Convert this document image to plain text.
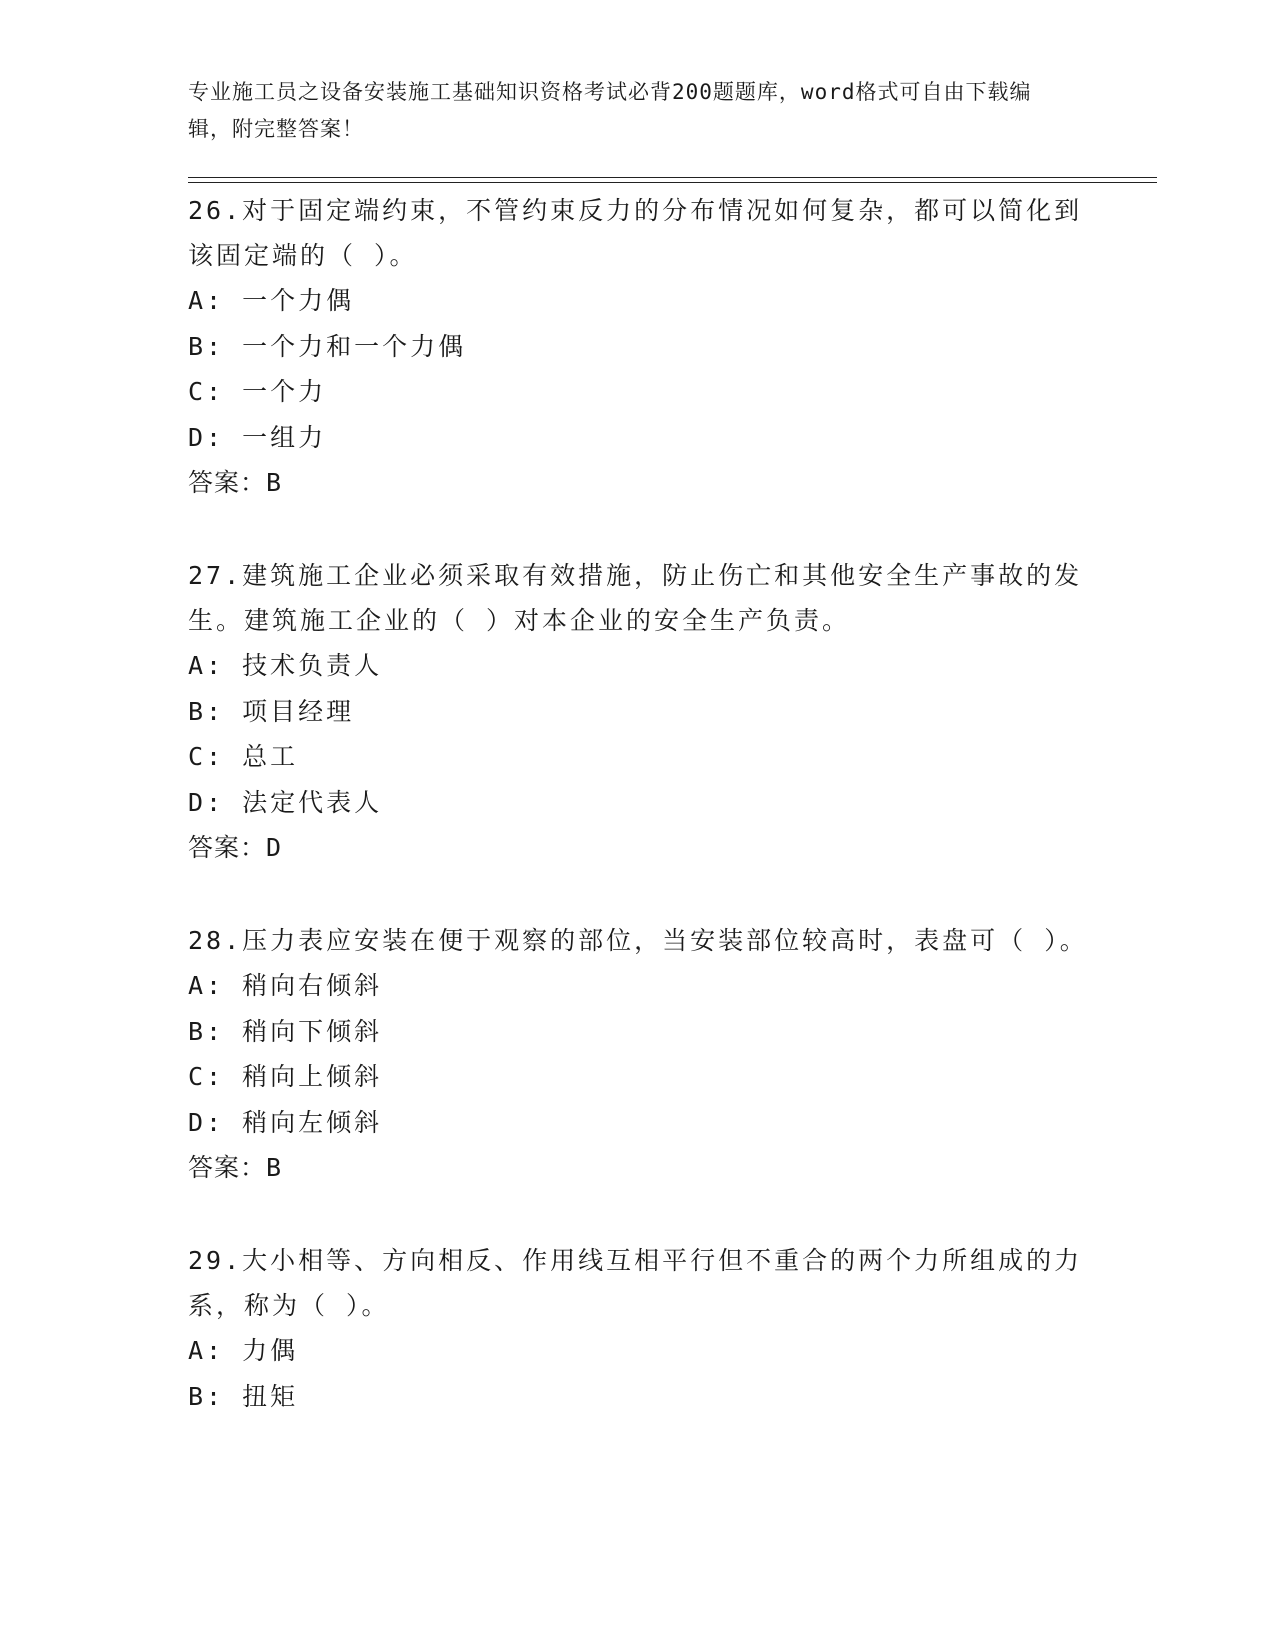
专业施工员之设备安装施工基础知识资格考试必背200题题库，word格式可自由下载编辑，附完整答案！
26.对于固定端约束，不管约束反力的分布情况如何复杂，都可以简化到该固定端的（ ）。
A: 一个力偶
B: 一个力和一个力偶
C: 一个力
D: 一组力
答案：B
27.建筑施工企业必须采取有效措施，防止伤亡和其他安全生产事故的发生。建筑施工企业的（ ）对本企业的安全生产负责。
A: 技术负责人
B: 项目经理
C: 总工
D: 法定代表人
答案：D
28.压力表应安装在便于观察的部位，当安装部位较高时，表盘可（ ）。
A: 稍向右倾斜
B: 稍向下倾斜
C: 稍向上倾斜
D: 稍向左倾斜
答案：B
29.大小相等、方向相反、作用线互相平行但不重合的两个力所组成的力系，称为（ ）。
A: 力偶
B: 扭矩
